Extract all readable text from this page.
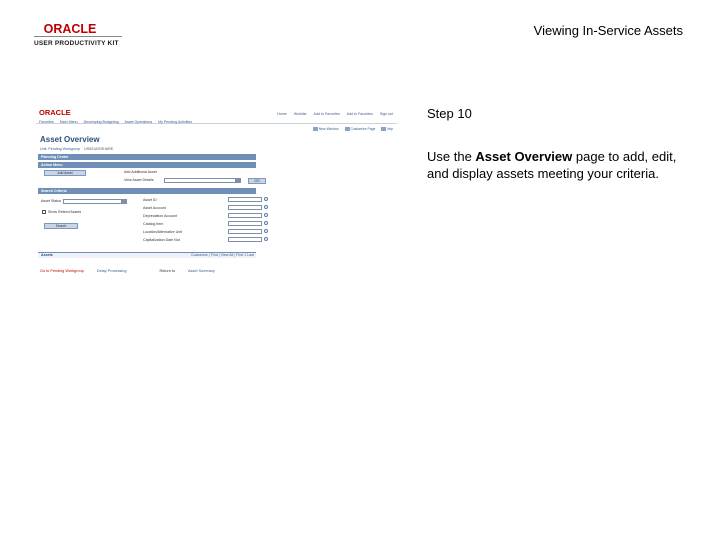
ORACLE
USER PRODUCTIVITY KIT
Viewing In-Service Assets
ORACLE	Home Worklist Add to Favorites Add to Favorites Sign out
Favorites Main Menu Developing Budgeting Asset Operations My Pending Activities
New Window	Customize Page	http
Asset Overview
Unit: Pending Workgroup US001AS/SHARE
Planning Center
Action Menu
Add Asset	Add Additional Asset
View Asset Details	GO
Search Criteria
Asset Status
Show Retired Assets
Search
Asset ID
Asset Account
Depreciation Account
Catalog Item
Location/Alternative Unit
Capitalization Date Not
Assets	Customize | Find | View All | First 1 Last
Go to Pending Workgroup	Delay Processing	Return to	Asset Summary
Step 10
Use the Asset Overview page to add, edit, and display assets meeting your criteria.
